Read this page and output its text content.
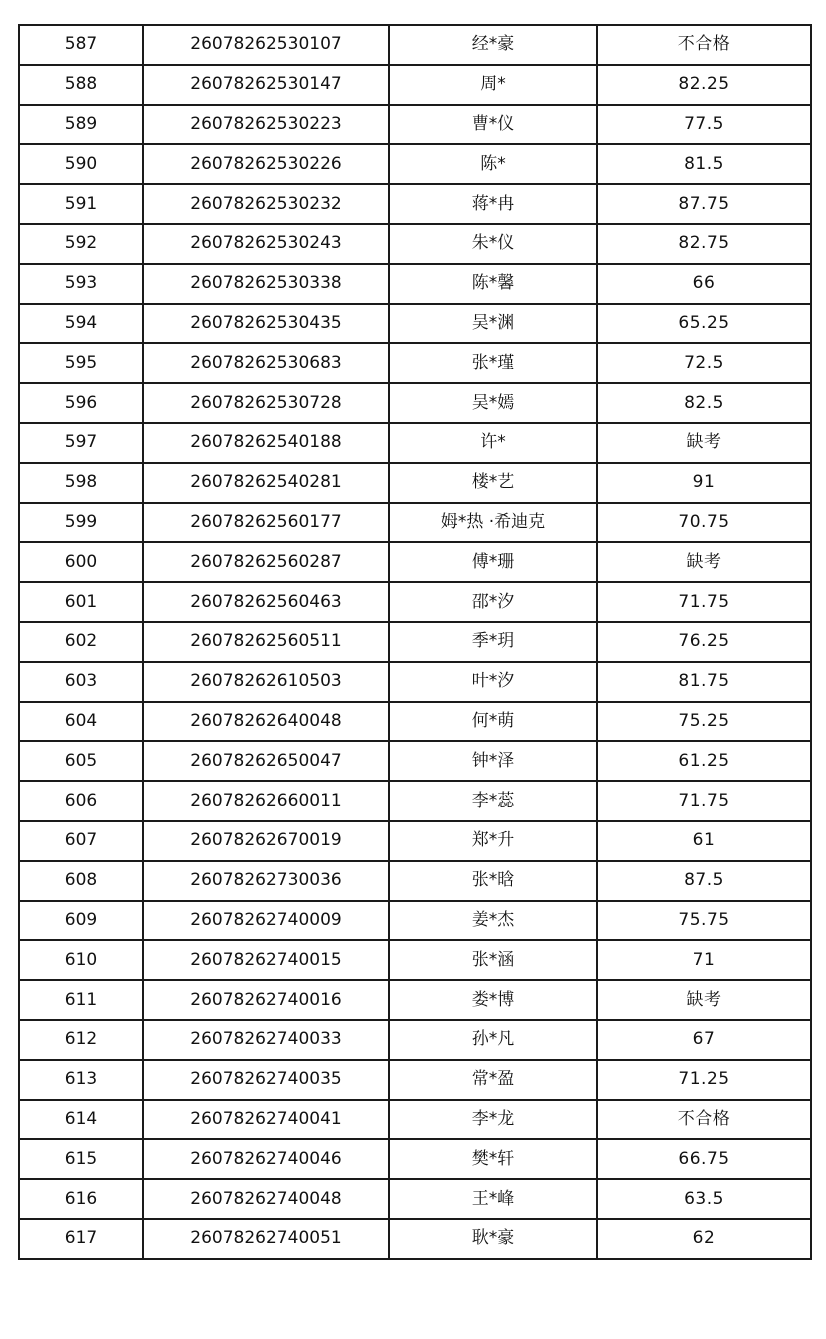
587	26078262530107	经*豪	不合格
588	26078262530147	周*	82.25
589	26078262530223	曹*仪	77.5
590	26078262530226	陈*	81.5
591	26078262530232	蒋*冉	87.75
592	26078262530243	朱*仪	82.75
593	26078262530338	陈*馨	66
594	26078262530435	吴*渊	65.25
595	26078262530683	张*瑾	72.5
596	26078262530728	吴*嫣	82.5
597	26078262540188	许*	缺考
598	26078262540281	楼*艺	91
599	26078262560177	姆*热 ·希迪克	70.75
600	26078262560287	傅*珊	缺考
601	26078262560463	邵*汐	71.75
602	26078262560511	季*玥	76.25
603	26078262610503	叶*汐	81.75
604	26078262640048	何*萌	75.25
605	26078262650047	钟*泽	61.25
606	26078262660011	李*蕊	71.75
607	26078262670019	郑*升	61
608	26078262730036	张*晗	87.5
609	26078262740009	姜*杰	75.75
610	26078262740015	张*涵	71
611	26078262740016	娄*博	缺考
612	26078262740033	孙*凡	67
613	26078262740035	常*盈	71.25
614	26078262740041	李*龙	不合格
615	26078262740046	樊*轩	66.75
616	26078262740048	王*峰	63.5
617	26078262740051	耿*豪	62
